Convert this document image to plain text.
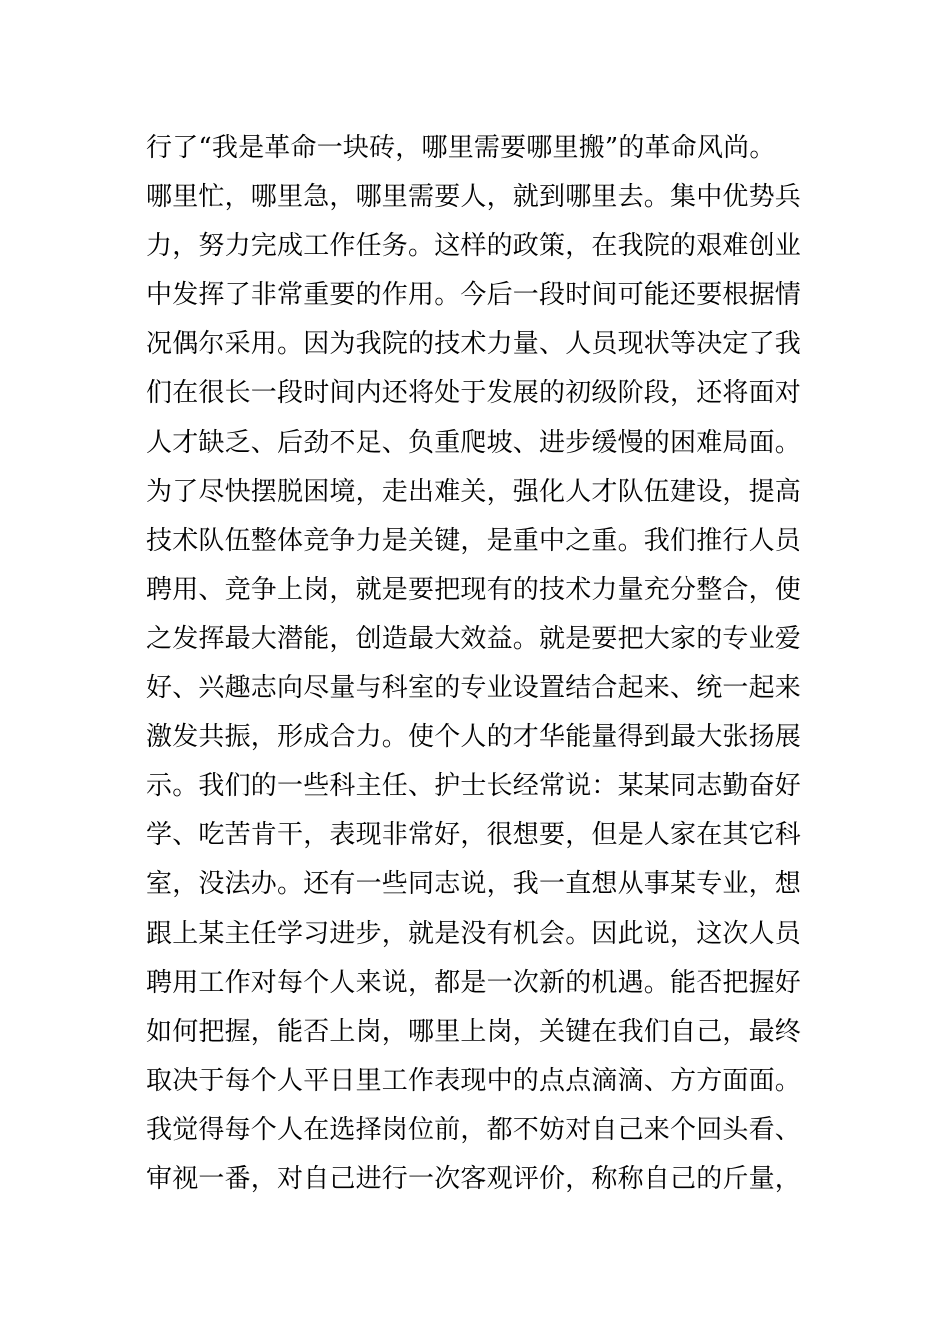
行了“我是革命一块砖，哪里需要哪里搬”的革命风尚。
哪里忙，哪里急，哪里需要人，就到哪里去。集中优势兵
力，努力完成工作任务。这样的政策，在我院的艰难创业
中发挥了非常重要的作用。今后一段时间可能还要根据情
况偶尔采用。因为我院的技术力量、人员现状等决定了我
们在很长一段时间内还将处于发展的初级阶段，还将面对
人才缺乏、后劲不足、负重爬坡、进步缓慢的困难局面。
为了尽快摆脱困境，走出难关，强化人才队伍建设，提高
技术队伍整体竞争力是关键，是重中之重。我们推行人员
聘用、竞争上岗，就是要把现有的技术力量充分整合，使
之发挥最大潜能，创造最大效益。就是要把大家的专业爱
好、兴趣志向尽量与科室的专业设置结合起来、统一起来
激发共振，形成合力。使个人的才华能量得到最大张扬展
示。我们的一些科主任、护士长经常说：某某同志勤奋好
学、吃苦肯干，表现非常好，很想要，但是人家在其它科
室，没法办。还有一些同志说，我一直想从事某专业，想
跟上某主任学习进步，就是没有机会。因此说，这次人员
聘用工作对每个人来说，都是一次新的机遇。能否把握好
如何把握，能否上岗，哪里上岗，关键在我们自己，最终
取决于每个人平日里工作表现中的点点滴滴、方方面面。
我觉得每个人在选择岗位前，都不妨对自己来个回头看、
审视一番，对自己进行一次客观评价，称称自己的斤量，
